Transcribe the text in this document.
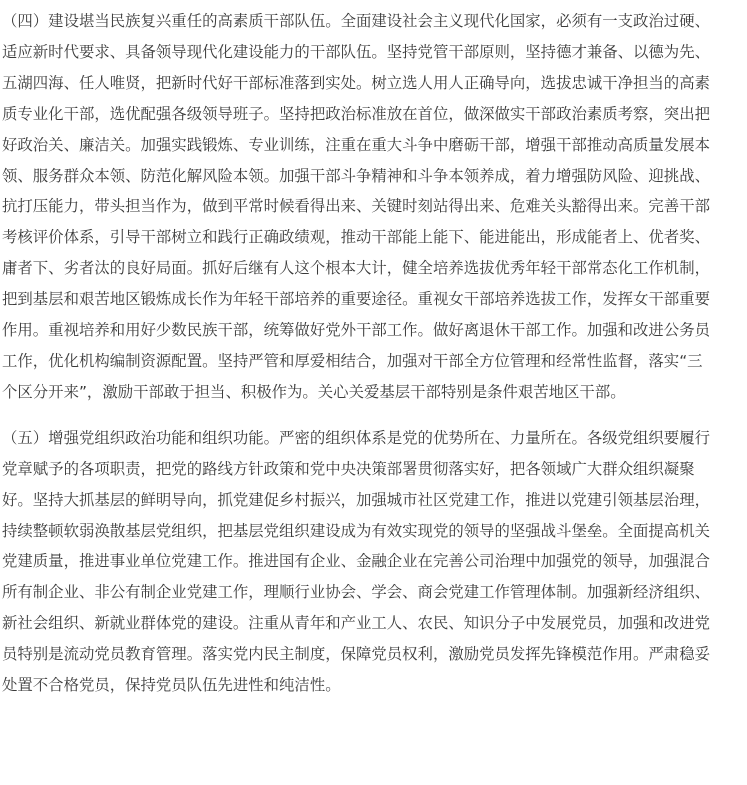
（四）建设堪当民族复兴重任的高素质干部队伍。全面建设社会主义现代化国家，必须有一支政治过硬、
适应新时代要求、具备领导现代化建设能力的干部队伍。坚持党管干部原则，坚持德才兼备、以德为先、
五湖四海、任人唯贤，把新时代好干部标准落到实处。树立选人用人正确导向，选拔忠诚干净担当的高素
质专业化干部，选优配强各级领导班子。坚持把政治标准放在首位，做深做实干部政治素质考察，突出把
好政治关、廉洁关。加强实践锻炼、专业训练，注重在重大斗争中磨砺干部，增强干部推动高质量发展本
领、服务群众本领、防范化解风险本领。加强干部斗争精神和斗争本领养成，着力增强防风险、迎挑战、
抗打压能力，带头担当作为，做到平常时候看得出来、关键时刻站得出来、危难关头豁得出来。完善干部
考核评价体系，引导干部树立和践行正确政绩观，推动干部能上能下、能进能出，形成能者上、优者奖、
庸者下、劣者汰的良好局面。抓好后继有人这个根本大计，健全培养选拔优秀年轻干部常态化工作机制，
把到基层和艰苦地区锻炼成长作为年轻干部培养的重要途径。重视女干部培养选拔工作，发挥女干部重要
作用。重视培养和用好少数民族干部，统筹做好党外干部工作。做好离退休干部工作。加强和改进公务员
工作，优化机构编制资源配置。坚持严管和厚爱相结合，加强对干部全方位管理和经常性监督，落实“三
个区分开来”，激励干部敢于担当、积极作为。关心关爱基层干部特别是条件艰苦地区干部。

（五）增强党组织政治功能和组织功能。严密的组织体系是党的优势所在、力量所在。各级党组织要履行
党章赋予的各项职责，把党的路线方针政策和党中央决策部署贯彻落实好，把各领域广大群众组织凝聚
好。坚持大抓基层的鲜明导向，抓党建促乡村振兴，加强城市社区党建工作，推进以党建引领基层治理，
持续整顿软弱涣散基层党组织，把基层党组织建设成为有效实现党的领导的坚强战斗堡垒。全面提高机关
党建质量，推进事业单位党建工作。推进国有企业、金融企业在完善公司治理中加强党的领导，加强混合
所有制企业、非公有制企业党建工作，理顺行业协会、学会、商会党建工作管理体制。加强新经济组织、
新社会组织、新就业群体党的建设。注重从青年和产业工人、农民、知识分子中发展党员，加强和改进党
员特别是流动党员教育管理。落实党内民主制度，保障党员权利，激励党员发挥先锋模范作用。严肃稳妥
处置不合格党员，保持党员队伍先进性和纯洁性。
